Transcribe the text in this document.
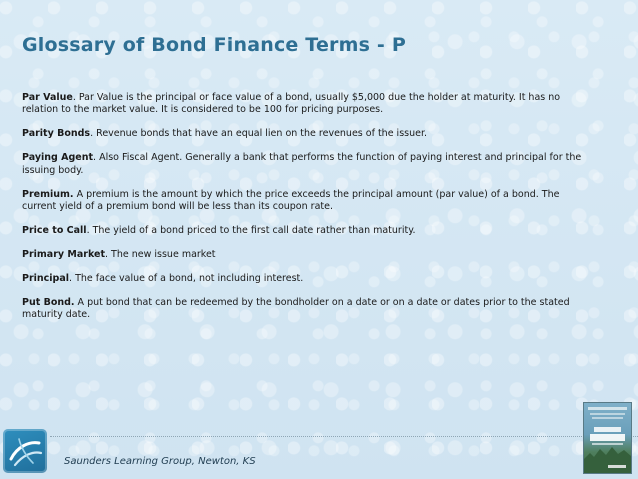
Glossary of Bond Finance Terms - P

Par Value. Par Value is the principal or face value of a bond, usually $5,000 due the holder at maturity. It has no relation to the market value. It is considered to be 100 for pricing purposes.

Parity Bonds. Revenue bonds that have an equal lien on the revenues of the issuer.

Paying Agent. Also Fiscal Agent. Generally a bank that performs the function of paying interest and principal for the issuing body.

Premium. A premium is the amount by which the price exceeds the principal amount (par value) of a bond. The current yield of a premium bond will be less than its coupon rate.

Price to Call. The yield of a bond priced to the first call date rather than maturity.

Primary Market. The new issue market

Principal. The face value of a bond, not including interest.

Put Bond. A put bond that can be redeemed by the bondholder on a date or on a date or dates prior to the stated maturity date.

Saunders Learning Group, Newton, KS
